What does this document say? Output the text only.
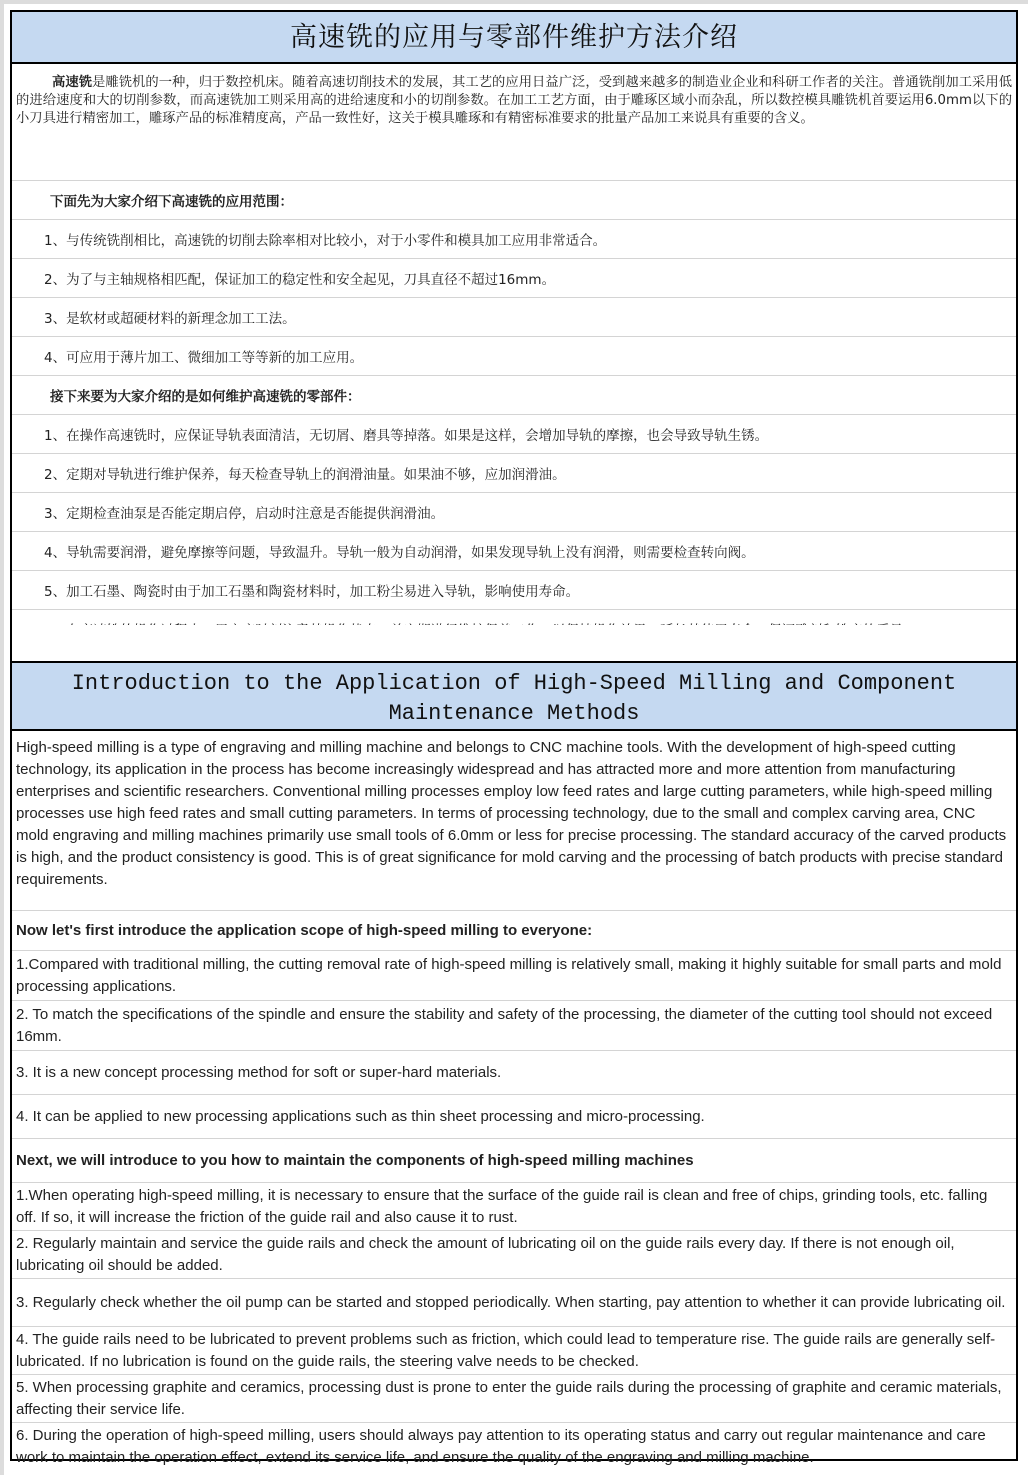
高速铣的应用与零部件维护方法介绍
高速铣是雕铣机的一种，归于数控机床。随着高速切削技术的发展，其工艺的应用日益广泛，受到越来越多的制造业企业和科研工作者的关注。普通铣削加工采用低的进给速度和大的切削参数，而高速铣加工则采用高的进给速度和小的切削参数。在加工工艺方面，由于雕琢区域小而杂乱，所以数控模具雕铣机首要运用6.0mm以下的小刀具进行精密加工，雕琢产品的标准精度高，产品一致性好，这关于模具雕琢和有精密标准要求的批量产品加工来说具有重要的含义。
下面先为大家介绍下高速铣的应用范围：
1、与传统铣削相比，高速铣的切削去除率相对比较小，对于小零件和模具加工应用非常适合。
2、为了与主轴规格相匹配，保证加工的稳定性和安全起见，刀具直径不超过16mm。
3、是软材或超硬材料的新理念加工工法。
4、可应用于薄片加工、微细加工等等新的加工应用。
接下来要为大家介绍的是如何维护高速铣的零部件：
1、在操作高速铣时，应保证导轨表面清洁，无切屑、磨具等掉落。如果是这样，会增加导轨的摩擦，也会导致导轨生锈。
2、定期对导轨进行维护保养，每天检查导轨上的润滑油量。如果油不够，应加润滑油。
3、定期检查油泵是否能定期启停，启动时注意是否能提供润滑油。
4、导轨需要润滑，避免摩擦等问题，导致温升。导轨一般为自动润滑，如果发现导轨上没有润滑，则需要检查转向阀。
5、加工石墨、陶瓷时由于加工石墨和陶瓷材料时，加工粉尘易进入导轨，影响使用寿命。
Introduction to the Application of High-Speed Milling and Component Maintenance Methods
High-speed milling is a type of engraving and milling machine and belongs to CNC machine tools. With the development of high-speed cutting technology, its application in the process has become increasingly widespread and has attracted more and more attention from manufacturing enterprises and scientific researchers. Conventional milling processes employ low feed rates and large cutting parameters, while high-speed milling processes use high feed rates and small cutting parameters. In terms of processing technology, due to the small and complex carving area, CNC mold engraving and milling machines primarily use small tools of 6.0mm or less for precise processing. The standard accuracy of the carved products is high, and the product consistency is good. This is of great significance for mold carving and the processing of batch products with precise standard requirements.
Now let's first introduce the application scope of high-speed milling to everyone:
1.Compared with traditional milling, the cutting removal rate of high-speed milling is relatively small, making it highly suitable for small parts and mold processing applications.
2. To match the specifications of the spindle and ensure the stability and safety of the processing, the diameter of the cutting tool should not exceed 16mm.
3. It is a new concept processing method for soft or super-hard materials.
4. It can be applied to new processing applications such as thin sheet processing and micro-processing.
Next, we will introduce to you how to maintain the components of high-speed milling machines
1.When operating high-speed milling, it is necessary to ensure that the surface of the guide rail is clean and free of chips, grinding tools, etc. falling off. If so, it will increase the friction of the guide rail and also cause it to rust.
2. Regularly maintain and service the guide rails and check the amount of lubricating oil on the guide rails every day. If there is not enough oil, lubricating oil should be added.
3. Regularly check whether the oil pump can be started and stopped periodically. When starting, pay attention to whether it can provide lubricating oil.
4. The guide rails need to be lubricated to prevent problems such as friction, which could lead to temperature rise. The guide rails are generally self-lubricated. If no lubrication is found on the guide rails, the steering valve needs to be checked.
5. When processing graphite and ceramics, processing dust is prone to enter the guide rails during the processing of graphite and ceramic materials, affecting their service life.
6. During the operation of high-speed milling, users should always pay attention to its operating status and carry out regular maintenance and care work to maintain the operation effect, extend its service life, and ensure the quality of the engraving and milling machine.
